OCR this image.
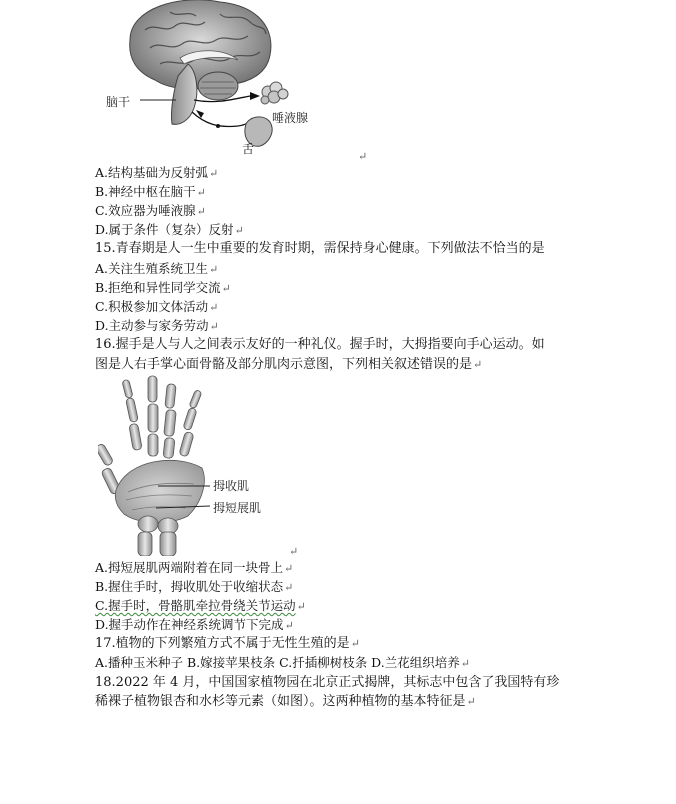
脑干
唾液腺
舌
↵
A.结构基础为反射弧↵
B.神经中枢在脑干↵
C.效应器为唾液腺↵
D.属于条件（复杂）反射↵
15.青春期是人一生中重要的发育时期，需保持身心健康。下列做法不恰当的是
A.关注生殖系统卫生↵
B.拒绝和异性同学交流↵
C.积极参加文体活动↵
D.主动参与家务劳动↵
16.握手是人与人之间表示友好的一种礼仪。握手时，大拇指要向手心运动。如
图是人右手掌心面骨骼及部分肌肉示意图，下列相关叙述错误的是↵
拇收肌
拇短展肌
↵
A.拇短展肌两端附着在同一块骨上↵
B.握住手时，拇收肌处于收缩状态↵
C.握手时，骨骼肌牵拉骨绕关节运动↵
D.握手动作在神经系统调节下完成↵
17.植物的下列繁殖方式不属于无性生殖的是↵
A.播种玉米种子 B.嫁接苹果枝条 C.扦插柳树枝条 D.兰花组织培养↵
18.2022 年 4 月，中国国家植物园在北京正式揭牌，其标志中包含了我国特有珍
稀裸子植物银杏和水杉等元素（如图）。这两种植物的基本特征是↵
